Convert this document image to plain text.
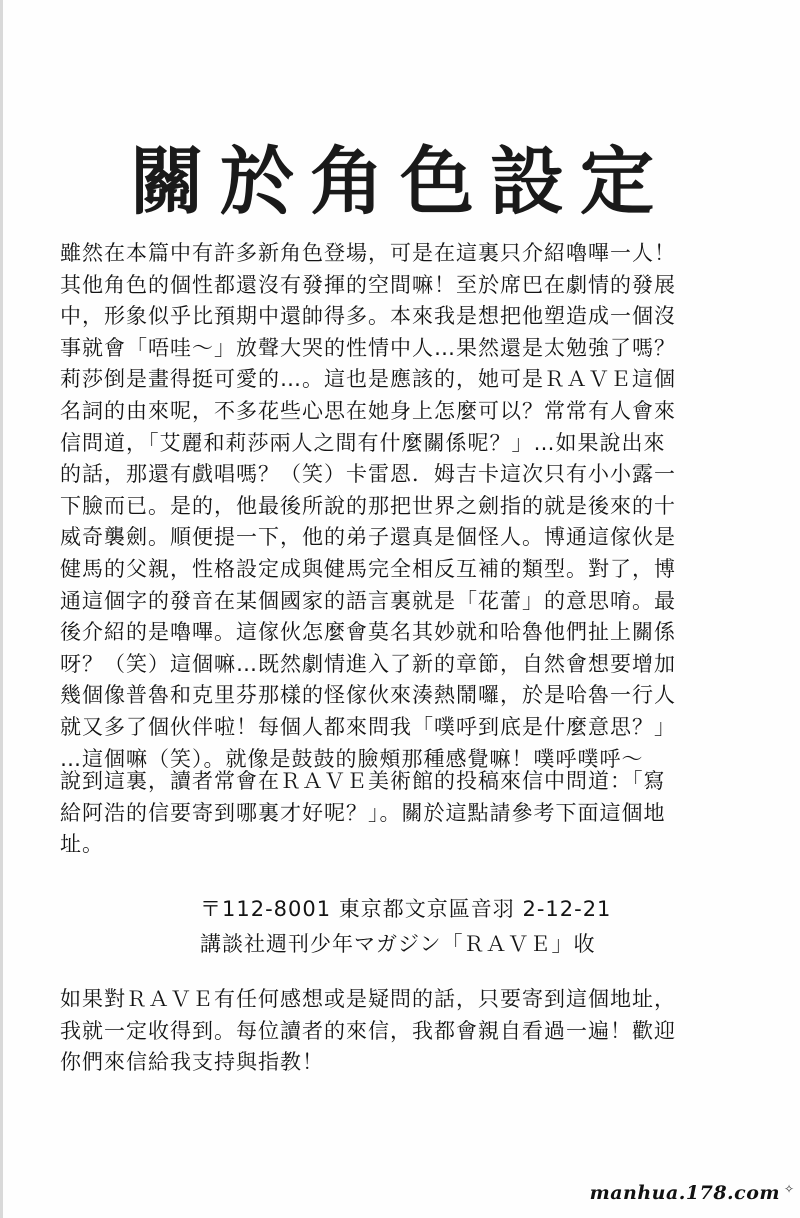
關於角色設定
雖然在本篇中有許多新角色登場，可是在這裏只介紹嚕嗶一人！
其他角色的個性都還沒有發揮的空間嘛！至於席巴在劇情的發展
中，形象似乎比預期中還帥得多。本來我是想把他塑造成一個沒
事就會「唔哇～」放聲大哭的性情中人…果然還是太勉強了嗎？
莉莎倒是畫得挺可愛的…。這也是應該的，她可是ＲＡＶＥ這個
名詞的由來呢，不多花些心思在她身上怎麼可以？常常有人會來
信問道，「艾麗和莉莎兩人之間有什麼關係呢？」…如果說出來
的話，那還有戲唱嗎？（笑）卡雷恩．姆吉卡這次只有小小露一
下臉而已。是的，他最後所說的那把世界之劍指的就是後來的十
威奇襲劍。順便提一下，他的弟子還真是個怪人。博通這傢伙是
健馬的父親，性格設定成與健馬完全相反互補的類型。對了，博
通這個字的發音在某個國家的語言裏就是「花蕾」的意思唷。最
後介紹的是嚕嗶。這傢伙怎麼會莫名其妙就和哈魯他們扯上關係
呀？（笑）這個嘛…既然劇情進入了新的章節，自然會想要增加
幾個像普魯和克里芬那樣的怪傢伙來湊熱鬧囉，於是哈魯一行人
就又多了個伙伴啦！每個人都來問我「噗呼到底是什麼意思？」
…這個嘛（笑）。就像是鼓鼓的臉頰那種感覺嘛！噗呼噗呼～
說到這裏，讀者常會在ＲＡＶＥ美術館的投稿來信中問道：「寫
給阿浩的信要寄到哪裏才好呢？」。關於這點請參考下面這個地
址。
〒112-8001 東京都文京區音羽 2-12-21
講談社週刊少年マガジン「ＲＡＶＥ」收
如果對ＲＡＶＥ有任何感想或是疑問的話，只要寄到這個地址，
我就一定收得到。每位讀者的來信，我都會親自看過一遍！歡迎
你們來信給我支持與指教！
manhua.178.com ✧
